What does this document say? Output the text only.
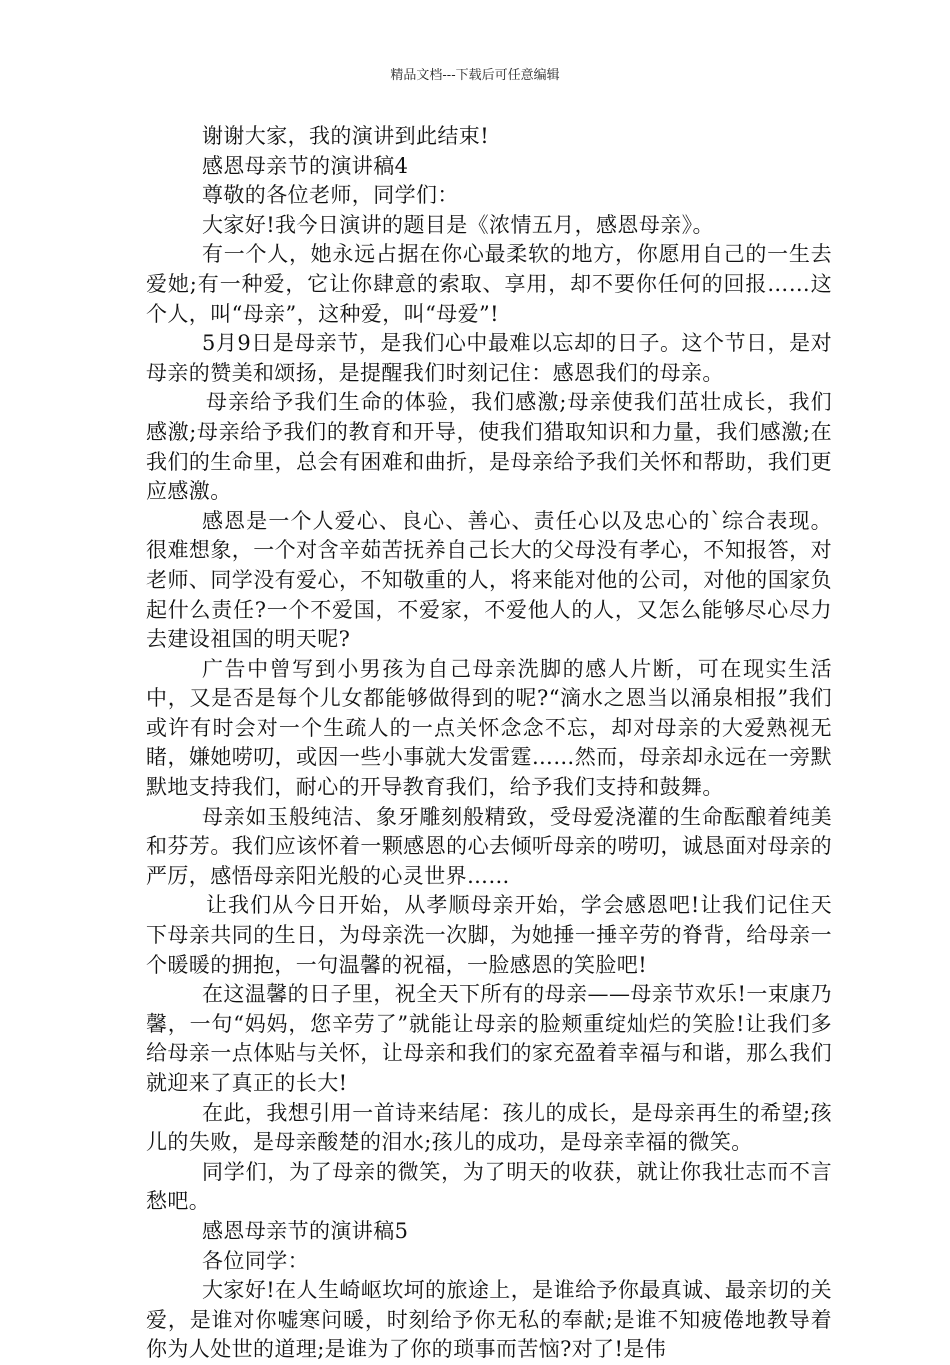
精品文档---下载后可任意编辑

谢谢大家，我的演讲到此结束!

感恩母亲节的演讲稿4

尊敬的各位老师，同学们：

大家好!我今日演讲的题目是《浓情五月，感恩母亲》。

有一个人，她永远占据在你心最柔软的地方，你愿用自己的一生去爱她;有一种爱，它让你肆意的索取、享用，却不要你任何的回报……这个人，叫“母亲”，这种爱，叫“母爱”!

5月9日是母亲节，是我们心中最难以忘却的日子。这个节日，是对母亲的赞美和颂扬，是提醒我们时刻记住：感恩我们的母亲。

母亲给予我们生命的体验，我们感激;母亲使我们茁壮成长，我们感激;母亲给予我们的教育和开导，使我们猎取知识和力量，我们感激;在我们的生命里，总会有困难和曲折，是母亲给予我们关怀和帮助，我们更应感激。

感恩是一个人爱心、良心、善心、责任心以及忠心的`综合表现。很难想象，一个对含辛茹苦抚养自己长大的父母没有孝心，不知报答，对老师、同学没有爱心，不知敬重的人，将来能对他的公司，对他的国家负起什么责任?一个不爱国，不爱家，不爱他人的人，又怎么能够尽心尽力去建设祖国的明天呢?

广告中曾写到小男孩为自己母亲洗脚的感人片断，可在现实生活中，又是否是每个儿女都能够做得到的呢?“滴水之恩当以涌泉相报”我们或许有时会对一个生疏人的一点关怀念念不忘，却对母亲的大爱熟视无睹，嫌她唠叨，或因一些小事就大发雷霆……然而，母亲却永远在一旁默默地支持我们，耐心的开导教育我们，给予我们支持和鼓舞。

母亲如玉般纯洁、象牙雕刻般精致，受母爱浇灌的生命酝酿着纯美和芬芳。我们应该怀着一颗感恩的心去倾听母亲的唠叨，诚恳面对母亲的严厉，感悟母亲阳光般的心灵世界……

让我们从今日开始，从孝顺母亲开始，学会感恩吧!让我们记住天下母亲共同的生日，为母亲洗一次脚，为她捶一捶辛劳的脊背，给母亲一个暖暖的拥抱，一句温馨的祝福，一脸感恩的笑脸吧!

在这温馨的日子里，祝全天下所有的母亲——母亲节欢乐!一束康乃馨，一句“妈妈，您辛劳了”就能让母亲的脸颊重绽灿烂的笑脸!让我们多给母亲一点体贴与关怀，让母亲和我们的家充盈着幸福与和谐，那么我们就迎来了真正的长大!

在此，我想引用一首诗来结尾：孩儿的成长，是母亲再生的希望;孩儿的失败，是母亲酸楚的泪水;孩儿的成功，是母亲幸福的微笑。

同学们，为了母亲的微笑，为了明天的收获，就让你我壮志而不言愁吧。

感恩母亲节的演讲稿5

各位同学：

大家好!在人生崎岖坎坷的旅途上，是谁给予你最真诚、最亲切的关爱，是谁对你嘘寒问暖，时刻给予你无私的奉献;是谁不知疲倦地教导着你为人处世的道理;是谁为了你的琐事而苦恼?对了!是伟
